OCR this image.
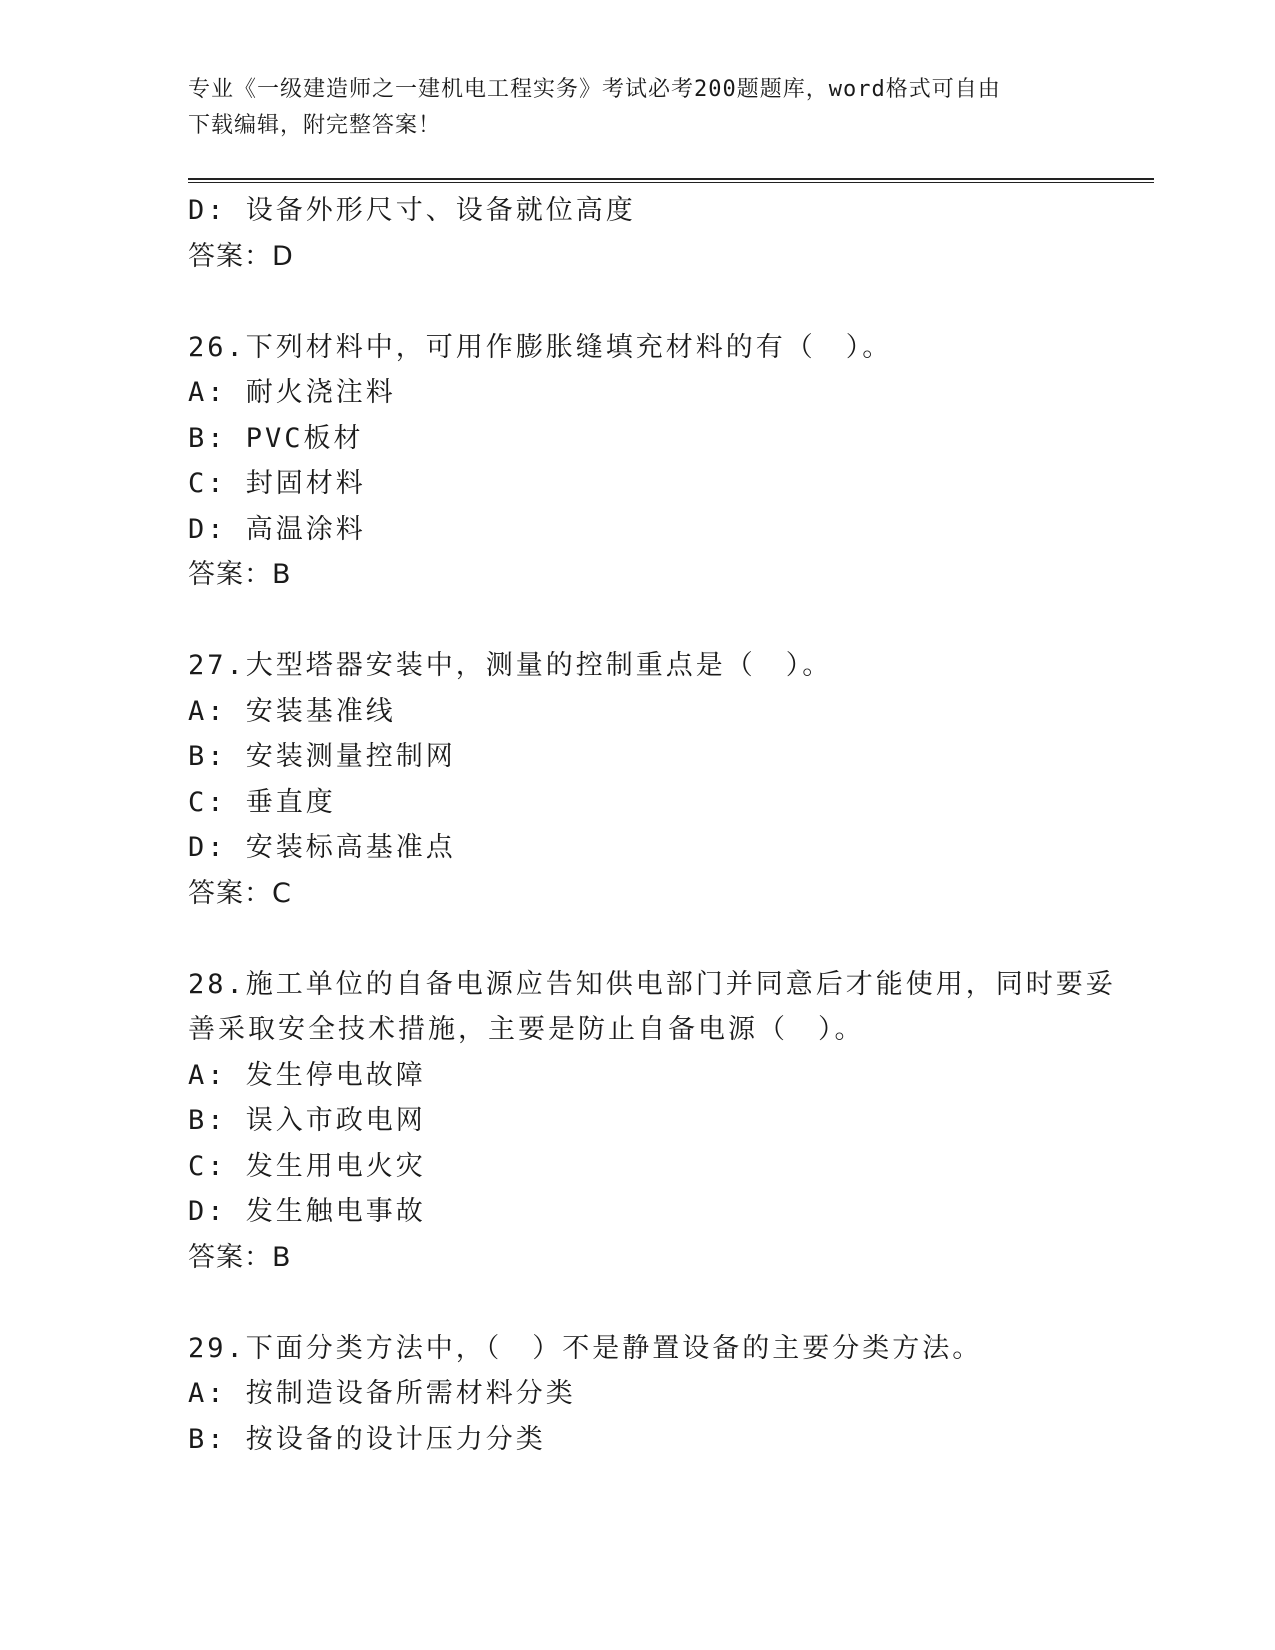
专业《一级建造师之一建机电工程实务》考试必考200题题库，word格式可自由
下载编辑，附完整答案！
D: 设备外形尺寸、设备就位高度
答案：D
26.下列材料中，可用作膨胀缝填充材料的有（　）。
A: 耐火浇注料
B: PVC板材
C: 封固材料
D: 高温涂料
答案：B
27.大型塔器安装中，测量的控制重点是（　）。
A: 安装基准线
B: 安装测量控制网
C: 垂直度
D: 安装标高基准点
答案：C
28.施工单位的自备电源应告知供电部门并同意后才能使用，同时要妥
善采取安全技术措施，主要是防止自备电源（　）。
A: 发生停电故障
B: 误入市政电网
C: 发生用电火灾
D: 发生触电事故
答案：B
29.下面分类方法中，（　）不是静置设备的主要分类方法。
A: 按制造设备所需材料分类
B: 按设备的设计压力分类
